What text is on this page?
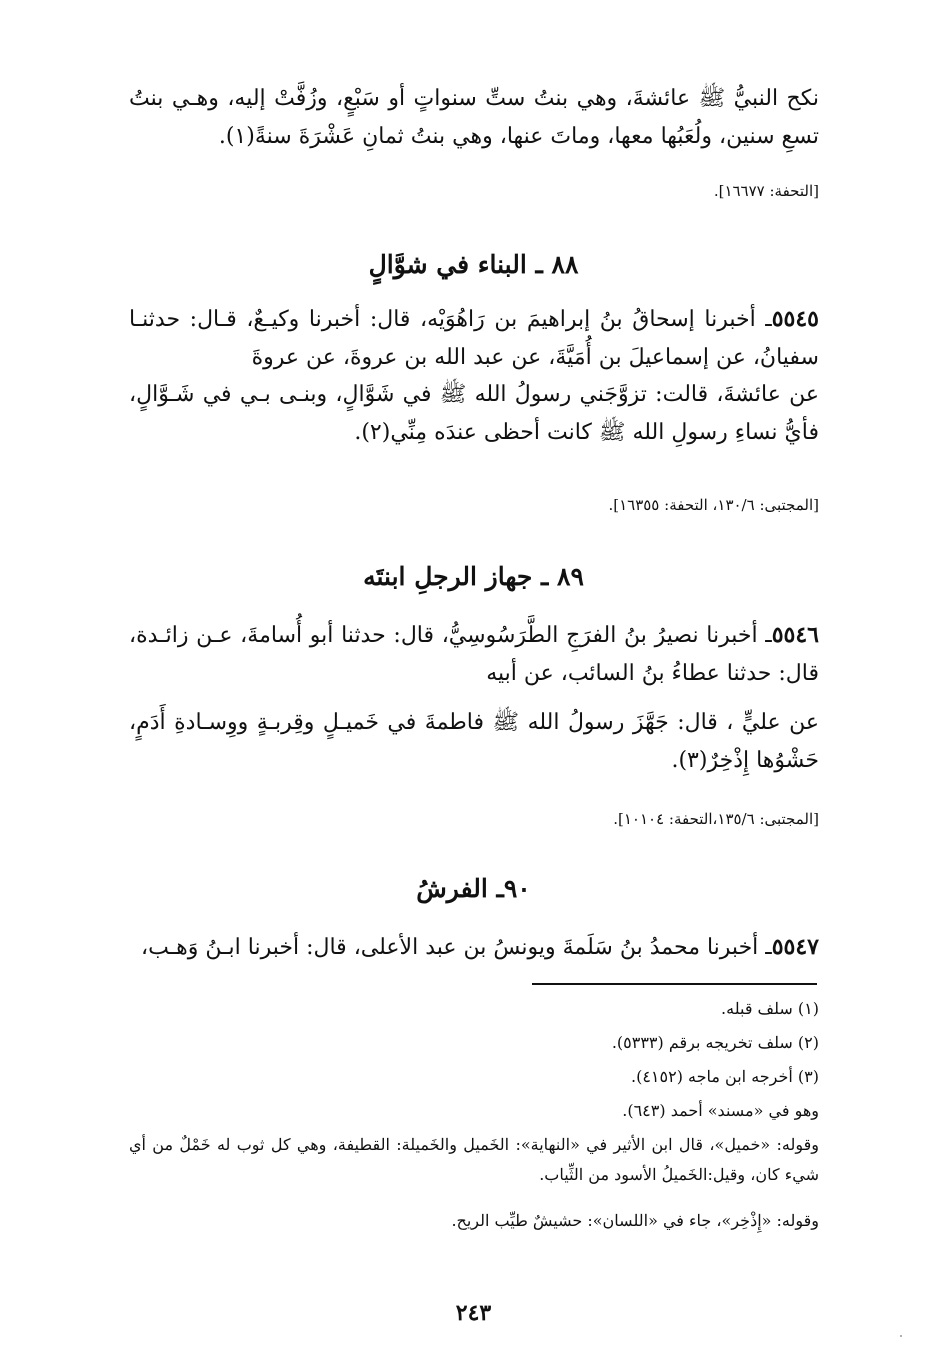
نكح النبيُّ ﷺ عائشةَ، وهي بنتُ ستِّ سنواتٍ أو سَبْعٍ، وزُفَّتْ إليه، وهـي بنتُ تسعِ سنين، ولُعَبُها معها، وماتَ عنها، وهي بنتُ ثمانِ عَشْرَةَ سنةً(١).
[التحفة: ١٦٦٧٧].
٨٨ ـ البناء في شوَّالٍ
٥٥٤٥ـ أخبرنا إسحاقُ بنُ إبراهيمَ بن رَاهُوَيْه، قال: أخبرنا وكيـعٌ، قـال: حدثنـا سفيانُ، عن إسماعيلَ بن أُمَيَّةَ، عن عبد الله بن عروةَ، عن عروةَ
عن عائشةَ، قالت: تزوَّجَني رسولُ الله ﷺ في شَوَّالٍ، وبنـى بـي في شَـوَّالٍ، فأيُّ نساءِ رسولِ الله ﷺ كانت أحظى عندَه مِنِّي(٢).
[المجتبى: ١٣٠/٦، التحفة: ١٦٣٥٥].
٨٩ ـ جهاز الرجلِ ابنتَه
٥٥٤٦ـ أخبرنا نصيرُ بنُ الفرَجِ الطَّرَسُوسِيُّ، قال: حدثنا أبو أُسامةَ، عـن زائـدة، قال: حدثنا عطاءُ بنُ السائب، عن أبيه
عن عليٍّ ، قال: جَهَّزَ رسولُ الله ﷺ فاطمةَ في خَميـلٍ وقِربـةٍ ووِسـادةِ أَدَمٍ، حَشْوُها إِذْخِرٌ(٣).
[المجتبى: ١٣٥/٦،التحفة: ١٠١٠٤].
٩٠ـ الفرشُ
٥٥٤٧ـ أخبرنا محمدُ بنُ سَلَمةَ ويونسُ بن عبد الأعلى، قال: أخبرنا ابـنُ وَهـب،
(١) سلف قبله.
(٢) سلف تخريجه برقم (٥٣٣٣).
(٣) أخرجه ابن ماجه (٤١٥٢).
وهو في «مسند» أحمد (٦٤٣).
وقوله: «خميل»، قال ابن الأثير في «النهاية»: الخَميل والخَميلة: القطيفة، وهي كل ثوب له خَمْلٌ من أي شيء كان، وقيل:الخَميلُ الأسود من الثِّياب.
وقوله: «إِذْخِر»، جاء في «اللسان»: حشيشٌ طيِّب الريح.
٢٤٣
